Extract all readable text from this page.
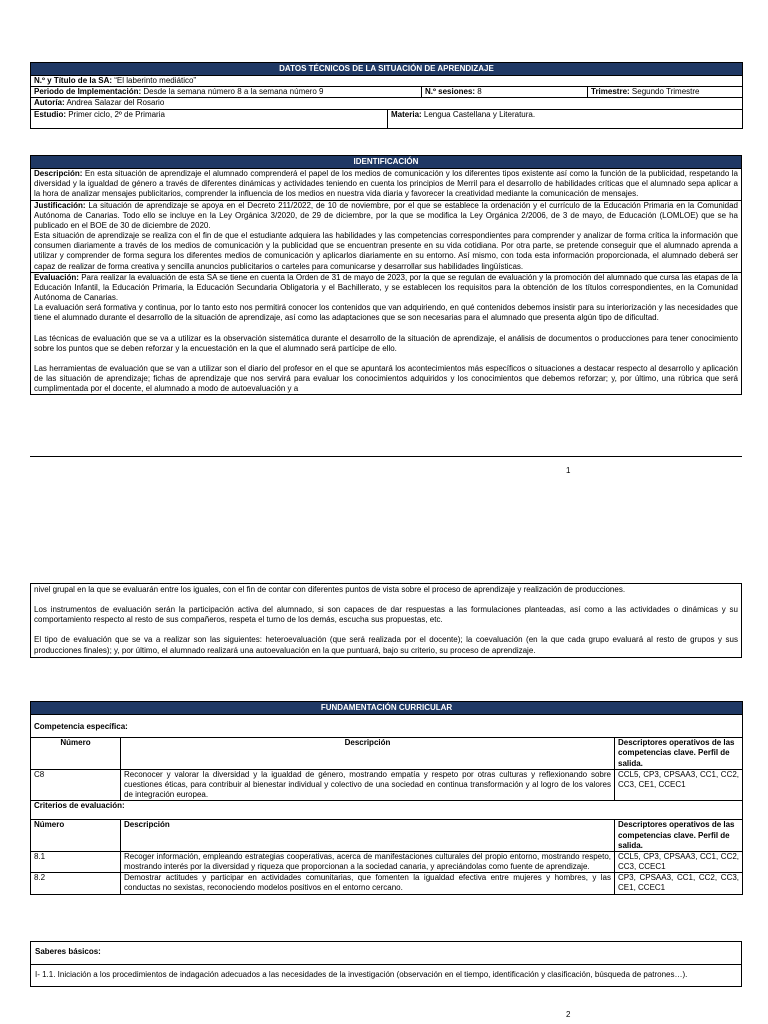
DATOS TÉCNICOS DE LA SITUACIÓN DE APRENDIZAJE
N.º y Título de la SA: “El laberinto mediático”
Periodo de Implementación: Desde la semana número 8 a la semana número 9	N.º sesiones: 8	Trimestre: Segundo Trimestre
Autoría: Andrea Salazar del Rosario
Estudio: Primer ciclo, 2º de Primaria	Materia: Lengua Castellana y Literatura.
IDENTIFICACIÓN
Descripción: En esta situación de aprendizaje el alumnado comprenderá el papel de los medios de comunicación y los diferentes tipos existente así como la función de la publicidad, respetando la diversidad y la igualdad de género a través de diferentes dinámicas y actividades teniendo en cuenta los principios de Merril para el desarrollo de habilidades críticas que el alumnado sepa aplicar a la hora de analizar mensajes publicitarios, comprender la influencia de los medios en nuestra vida diaria y favorecer la creatividad mediante la comunicación de mensajes.

Justificación: La situación de aprendizaje se apoya en el Decreto 211/2022, de 10 de noviembre, por el que se establece la ordenación y el currículo de la Educación Primaria en la Comunidad Autónoma de Canarias. Todo ello se incluye en la Ley Orgánica 3/2020, de 29 de diciembre, por la que se modifica la Ley Orgánica 2/2006, de 3 de mayo, de Educación (LOMLOE) que se ha publicado en el BOE de 30 de diciembre de 2020.

Esta situación de aprendizaje se realiza con el fin de que el estudiante adquiera las habilidades y las competencias correspondientes para comprender y analizar de forma crítica la información que consumen diariamente a través de los medios de comunicación y la publicidad que se encuentran presente en su vida cotidiana. Por otra parte, se pretende conseguir que el alumnado aprenda a utilizar y comprender de forma segura los diferentes medios de comunicación y aplicarlos diariamente en su entorno. Así mismo, con toda esta información proporcionada, el alumnado deberá ser capaz de realizar de forma creativa y sencilla anuncios publicitarios o carteles para comunicarse y desarrollar sus habilidades lingüísticas.

Evaluación: Para realizar la evaluación de esta SA se tiene en cuenta la Orden de 31 de mayo de 2023, por la que se regulan de evaluación y la promoción del alumnado que cursa las etapas de la Educación Infantil, la Educación Primaria, la Educación Secundaria Obligatoria y el Bachillerato, y se establecen los requisitos para la obtención de los títulos correspondientes, en la Comunidad Autónoma de Canarias.

La evaluación será formativa y continua, por lo tanto esto nos permitirá conocer los contenidos que van adquiriendo, en qué contenidos debemos insistir para su interiorización y las necesidades que tiene el alumnado durante el desarrollo de la situación de aprendizaje, así como las adaptaciones que se son necesarias para el alumnado que presenta algún tipo de dificultad.

Las técnicas de evaluación que se va a utilizar es la observación sistemática durante el desarrollo de la situación de aprendizaje, el análisis de documentos o producciones para tener conocimiento sobre los puntos que se deben reforzar y la encuestación en la que el alumnado será partícipe de ello.

Las herramientas de evaluación que se van a utilizar son el diario del profesor en el que se apuntará los acontecimientos más específicos o situaciones a destacar respecto al desarrollo y aplicación de las situación de aprendizaje; fichas de aprendizaje que nos servirá para evaluar los conocimientos adquiridos y los conocimientos que debemos reforzar; y, por último, una rúbrica que será cumplimentada por el docente, el alumnado a modo de autoevaluación y a

1

nivel grupal en la que se evaluarán entre los iguales, con el fin de contar con diferentes puntos de vista sobre el proceso de aprendizaje y realización de producciones.

Los instrumentos de evaluación serán la participación activa del alumnado, si son capaces de dar respuestas a las formulaciones planteadas, así como a las actividades o dinámicas y su comportamiento respecto al resto de sus compañeros, respeta el turno de los demás, escucha sus propuestas, etc.

El tipo de evaluación que se va a realizar son las siguientes: heteroevaluación (que será realizada por el docente); la coevaluación (en la que cada grupo evaluará al resto de grupos y sus producciones finales); y, por último, el alumnado realizará una autoevaluación en la que puntuará, bajo su criterio, su proceso de aprendizaje.

FUNDAMENTACIÓN CURRICULAR		
Competencia específica:		
Número	Descripción	Descriptores operativos de las competencias clave. Perfil de salida.
C8	Reconocer y valorar la diversidad y la igualdad de género, mostrando empatía y respeto por otras culturas y reflexionando sobre cuestiones éticas, para contribuir al bienestar individual y colectivo de una sociedad en continua transformación y al logro de los valores de integración europea.	CCL5, CP3, CPSAA3, CC1, CC2, CC3, CE1, CCEC1
Criterios de evaluación:		
Número	Descripción	Descriptores operativos de las competencias clave. Perfil de salida.
8.1	Recoger información, empleando estrategias cooperativas, acerca de manifestaciones culturales del propio entorno, mostrando respeto, mostrando interés por la diversidad y riqueza que proporcionan a la sociedad canaria, y apreciándolas como fuente de aprendizaje.	CCL5, CP3, CPSAA3, CC1, CC2, CC3, CCEC1
8.2	Demostrar actitudes y participar en actividades comunitarias, que fomenten la igualdad efectiva entre mujeres y hombres, y las conductas no sexistas, reconociendo modelos positivos en el entorno cercano.	CP3, CPSAA3, CC1, CC2, CC3, CE1, CCEC1
Saberes básicos:
I- 1.1. Iniciación a los procedimientos de indagación adecuados a las necesidades de la investigación (observación en el tiempo, identificación y clasificación, búsqueda de patrones…).
2
